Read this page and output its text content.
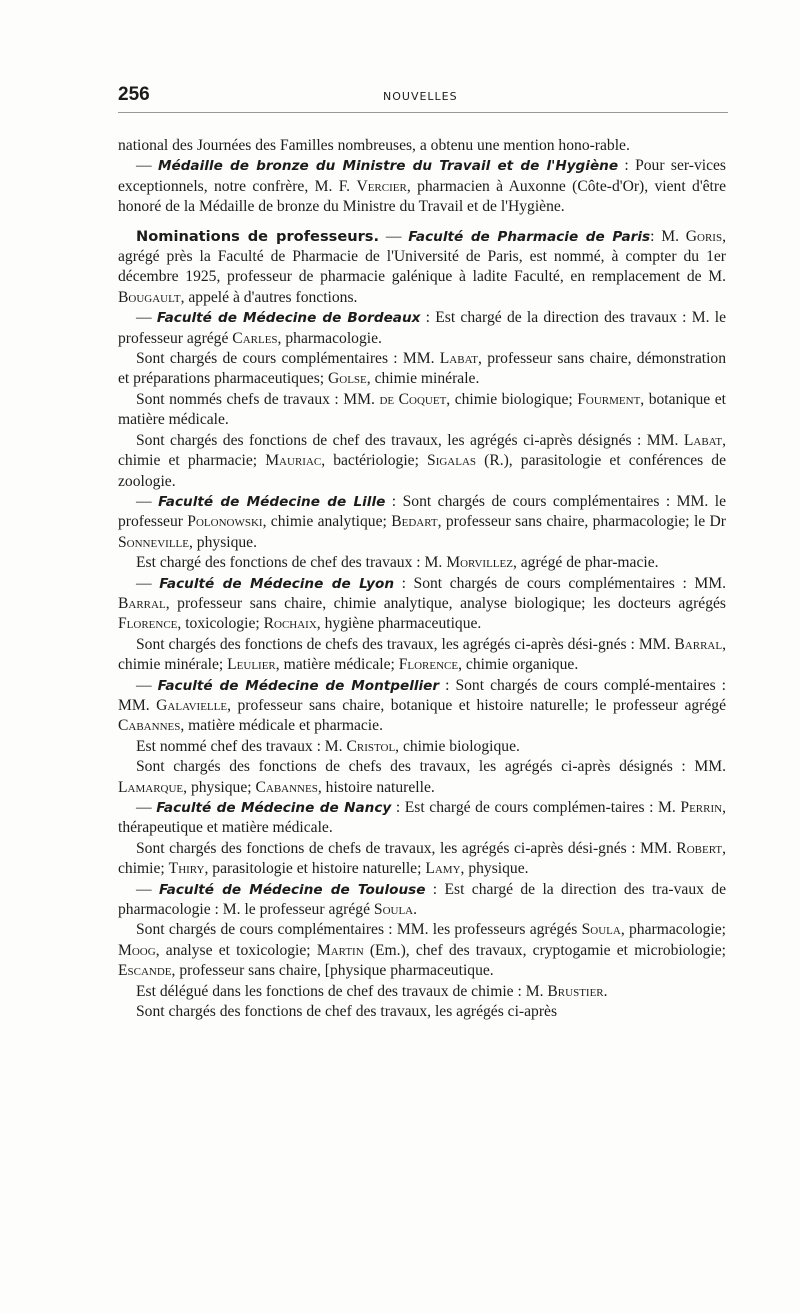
256	NOUVELLES

national des Journées des Familles nombreuses, a obtenu une mention hono-rable.

— Médaille de bronze du Ministre du Travail et de l'Hygiène : Pour ser-vices exceptionnels, notre confrère, M. F. Vercier, pharmacien à Auxonne (Côte-d'Or), vient d'être honoré de la Médaille de bronze du Ministre du Travail et de l'Hygiène.

Nominations de professeurs. — Faculté de Pharmacie de Paris: M. Goris, agrégé près la Faculté de Pharmacie de l'Université de Paris, est nommé, à compter du 1er décembre 1925, professeur de pharmacie galénique à ladite Faculté, en remplacement de M. Bougault, appelé à d'autres fonctions.

— Faculté de Médecine de Bordeaux : Est chargé de la direction des travaux : M. le professeur agrégé Carles, pharmacologie.

Sont chargés de cours complémentaires : MM. Labat, professeur sans chaire, démonstration et préparations pharmaceutiques; Golse, chimie minérale.

Sont nommés chefs de travaux : MM. de Coquet, chimie biologique; Fourment, botanique et matière médicale.

Sont chargés des fonctions de chef des travaux, les agrégés ci-après désignés : MM. Labat, chimie et pharmacie; Mauriac, bactériologie; Sigalas (R.), parasitologie et conférences de zoologie.

— Faculté de Médecine de Lille : Sont chargés de cours complémentaires : MM. le professeur Polonowski, chimie analytique; Bedart, professeur sans chaire, pharmacologie; le Dr Sonneville, physique.

Est chargé des fonctions de chef des travaux : M. Morvillez, agrégé de phar-macie.

— Faculté de Médecine de Lyon : Sont chargés de cours complémentaires : MM. Barral, professeur sans chaire, chimie analytique, analyse biologique; les docteurs agrégés Florence, toxicologie; Rochaix, hygiène pharmaceutique.

Sont chargés des fonctions de chefs des travaux, les agrégés ci-après dési-gnés : MM. Barral, chimie minérale; Leulier, matière médicale; Florence, chimie organique.

— Faculté de Médecine de Montpellier : Sont chargés de cours complé-mentaires : MM. Galavielle, professeur sans chaire, botanique et histoire naturelle; le professeur agrégé Cabannes, matière médicale et pharmacie.

Est nommé chef des travaux : M. Cristol, chimie biologique.

Sont chargés des fonctions de chefs des travaux, les agrégés ci-après désignés : MM. Lamarque, physique; Cabannes, histoire naturelle.

— Faculté de Médecine de Nancy : Est chargé de cours complémen-taires : M. Perrin, thérapeutique et matière médicale.

Sont chargés des fonctions de chefs de travaux, les agrégés ci-après dési-gnés : MM. Robert, chimie; Thiry, parasitologie et histoire naturelle; Lamy, physique.

— Faculté de Médecine de Toulouse : Est chargé de la direction des tra-vaux de pharmacologie : M. le professeur agrégé Soula.

Sont chargés de cours complémentaires : MM. les professeurs agrégés Soula, pharmacologie; Moog, analyse et toxicologie; Martin (Em.), chef des travaux, cryptogamie et microbiologie; Escande, professeur sans chaire, [physique pharmaceutique.

Est délégué dans les fonctions de chef des travaux de chimie : M. Brustier.

Sont chargés des fonctions de chef des travaux, les agrégés ci-après
